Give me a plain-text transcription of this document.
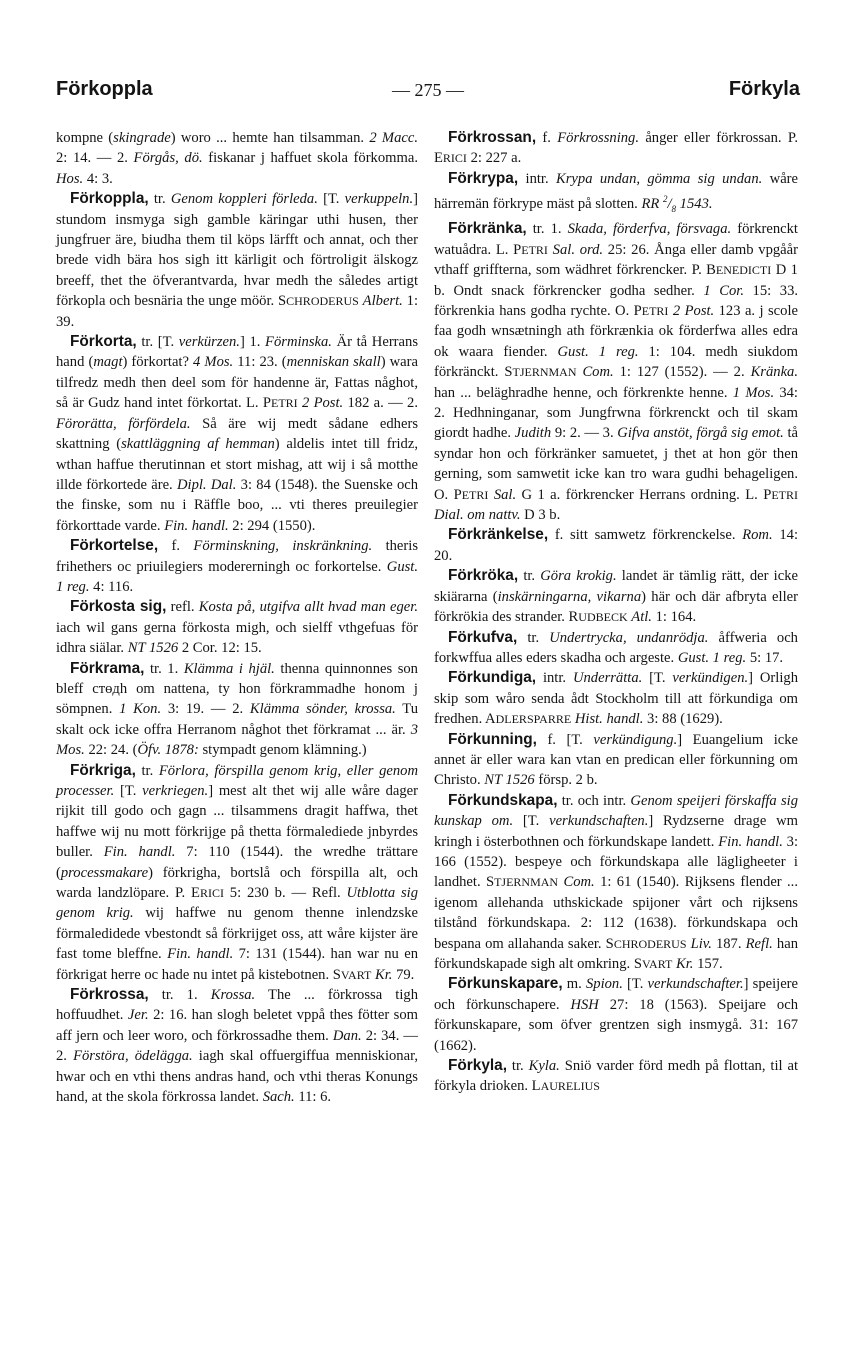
Förkoppla	— 275 —	Förkyla

kompne (skingrade) woro ... hemte han tilsamman. 2 Macc. 2: 14. — 2. Förgås, dö. fiskanar j haffuet skola förkomma. Hos. 4: 3.

Förkoppla, tr. Genom koppleri förleda. [T. verkuppeln.] stundom insmyga sigh gamble käringar uthi husen, ther jungfruer äre, biudha them til köps lärfft och annat, och ther brede vidh bära hos sigh itt kärligit och förtroligit älskogz breeff, thet the öfverantvarda, hvar medh the således artigt förkopla och besnäria the unge möör. SCHRODERUS Albert. 1: 39.

Förkorta, tr. [T. verkürzen.] 1. Förminska. Är tå Herrans hand (magt) förkortat? 4 Mos. 11: 23. (menniskan skall) wara tilfredz medh then deel som för handenne är, Fattas någhot, så är Gudz hand intet förkortat. L. PETRI 2 Post. 182 a. — 2. Förorätta, förfördela. Så äre wij medt sådane edhers skattning (skattläggning af hemman) aldelis intet till fridz, wthan haffue therutinnan et stort mishag, att wij i så motthe illde förkortede äre. Dipl. Dal. 3: 84 (1548). the Suenske och the finske, som nu i Räffle boo, ... vti theres preuilegier förkorttade varde. Fin. handl. 2: 294 (1550).

Förkortelse, f. Förminskning, inskränkning. theris frihethers oc priuilegiers modererningh oc forkortelse. Gust. 1 reg. 4: 116.

Förkosta sig, refl. Kosta på, utgifva allt hvad man eger. iach wil gans gerna förkosta migh, och sielff vthgefuas för idhra siälar. NT 1526 2 Cor. 12: 15.

Förkrama, tr. 1. Klämma i hjäl. thenna quinnonnes son bleff стөдh om nattena, ty hon förkrammadhe honom j sömpnen. 1 Kon. 3: 19. — 2. Klämma sönder, krossa. Tu skalt ock icke offra Herranom någhot thet förkramat ... är. 3 Mos. 22: 24. (Öfv. 1878: stympadt genom klämning.)

Förkriga, tr. Förlora, förspilla genom krig, eller genom processer. [T. verkriegen.] mest alt thet wij alle wåre dager rijkit till godo och gagn ... tilsammens dragit haffwa, thet haffwe wij nu mott förkrijge på thetta förmalediede jnbyrdes buller. Fin. handl. 7: 110 (1544). the wredhe trättare (processmakare) förkrigha, bortslå och förspilla alt, och warda landzlöpare. P. ERICI 5: 230 b. — Refl. Utblotta sig genom krig. wij haffwe nu genom thenne inlendzske förmaledidede vbestondt så förkrijget oss, att wåre kijster äre fast tome bleffne. Fin. handl. 7: 131 (1544). han war nu en förkrigat herre oc hade nu intet på kistebotnen. SVART Kr. 79.

Förkrossa, tr. 1. Krossa. The ... förkrossa tigh hoffuudhet. Jer. 2: 16. han slogh beletet vppå thes fötter som aff jern och leer woro, och förkrossadhe them. Dan. 2: 34. — 2. Förstöra, ödelägga. iagh skal offuergiffua menniskionar, hwar och en vthi thens andras hand, och vthi theras Konungs hand, at the skola förkrossa landet. Sach. 11: 6.

Förkrossan, f. Förkrossning. ånger eller förkrossan. P. ERICI 2: 227 a.

Förkrypa, intr. Krypa undan, gömma sig undan. wåre härremän förkrype mäst på slotten. RR $^2/_8$ 1543.

Förkränka, tr. 1. Skada, förderfva, försvaga. förkrenckt watuådra. L. PETRI Sal. ord. 25: 26. Ånga eller damb vpgåår vthaff griffterna, som wädhret förkrencker. P. BENEDICTI D 1 b. Ondt snack förkrencker godha sedher. 1 Cor. 15: 33. förkrenkia hans godha rychte. O. PETRI 2 Post. 123 a. j scole faa godh wnsætningh ath förkrænkia ok förderfwa alles edra ok waara fiender. Gust. 1 reg. 1: 104. medh siukdom förkränckt. STJERNMAN Com. 1: 127 (1552). — 2. Kränka. han ... beläghradhe henne, och förkrenkte henne. 1 Mos. 34: 2. Hedhninganar, som Jungfrwna förkrenckt och til skam giordt hadhe. Judith 9: 2. — 3. Gifva anstöt, förgå sig emot. tå syndar hon och förkränker samuetet, j thet at hon gör then gerning, som samwetit icke kan tro wara gudhi behageligen. O. PETRI Sal. G 1 a. förkrencker Herrans ordning. L. PETRI Dial. om nattv. D 3 b.

Förkränkelse, f. sitt samwetz förkrenckelse. Rom. 14: 20.

Förkröka, tr. Göra krokig. landet är tämlig rätt, der icke skiärarna (inskärningarna, vikarna) här och där afbryta eller förkrökia des strander. RUDBECK Atl. 1: 164.

Förkufva, tr. Undertrycka, undanrödja. åffweria och forkwffua alles eders skadha och argeste. Gust. 1 reg. 5: 17.

Förkundiga, intr. Underrätta. [T. verkündigen.] Orligh skip som wåro senda ådt Stockholm till att förkundiga om fredhen. ADLERSPARRE Hist. handl. 3: 88 (1629).

Förkunning, f. [T. verkündigung.] Euangelium icke annet är eller wara kan vtan en predican eller förkunning om Christo. NT 1526 försp. 2 b.

Förkundskapa, tr. och intr. Genom speijeri förskaffa sig kunskap om. [T. verkundschaften.] Rydzserne drage wm kringh i österbothnen och förkundskape landett. Fin. handl. 3: 166 (1552). bespeye och förkundskapa alle lägligheeter i landhet. STJERNMAN Com. 1: 61 (1540). Rijksens flender ... igenom allehanda uthskickade spijoner vårt och rijksens tilstånd förkundskapa. 2: 112 (1638). förkundskapa och bespana om allahanda saker. SCHRODERUS Liv. 187. Refl. han förkundskapade sigh alt omkring. SVART Kr. 157.

Förkunskapare, m. Spion. [T. verkundschafter.] speijere och förkunschapere. HSH 27: 18 (1563). Speijare och förkunskapare, som öfver grentzen sigh insmygå. 31: 167 (1662).

Förkyla, tr. Kyla. Sniö varder förd medh på flottan, til at förkyla drioken. LAURELIUS
